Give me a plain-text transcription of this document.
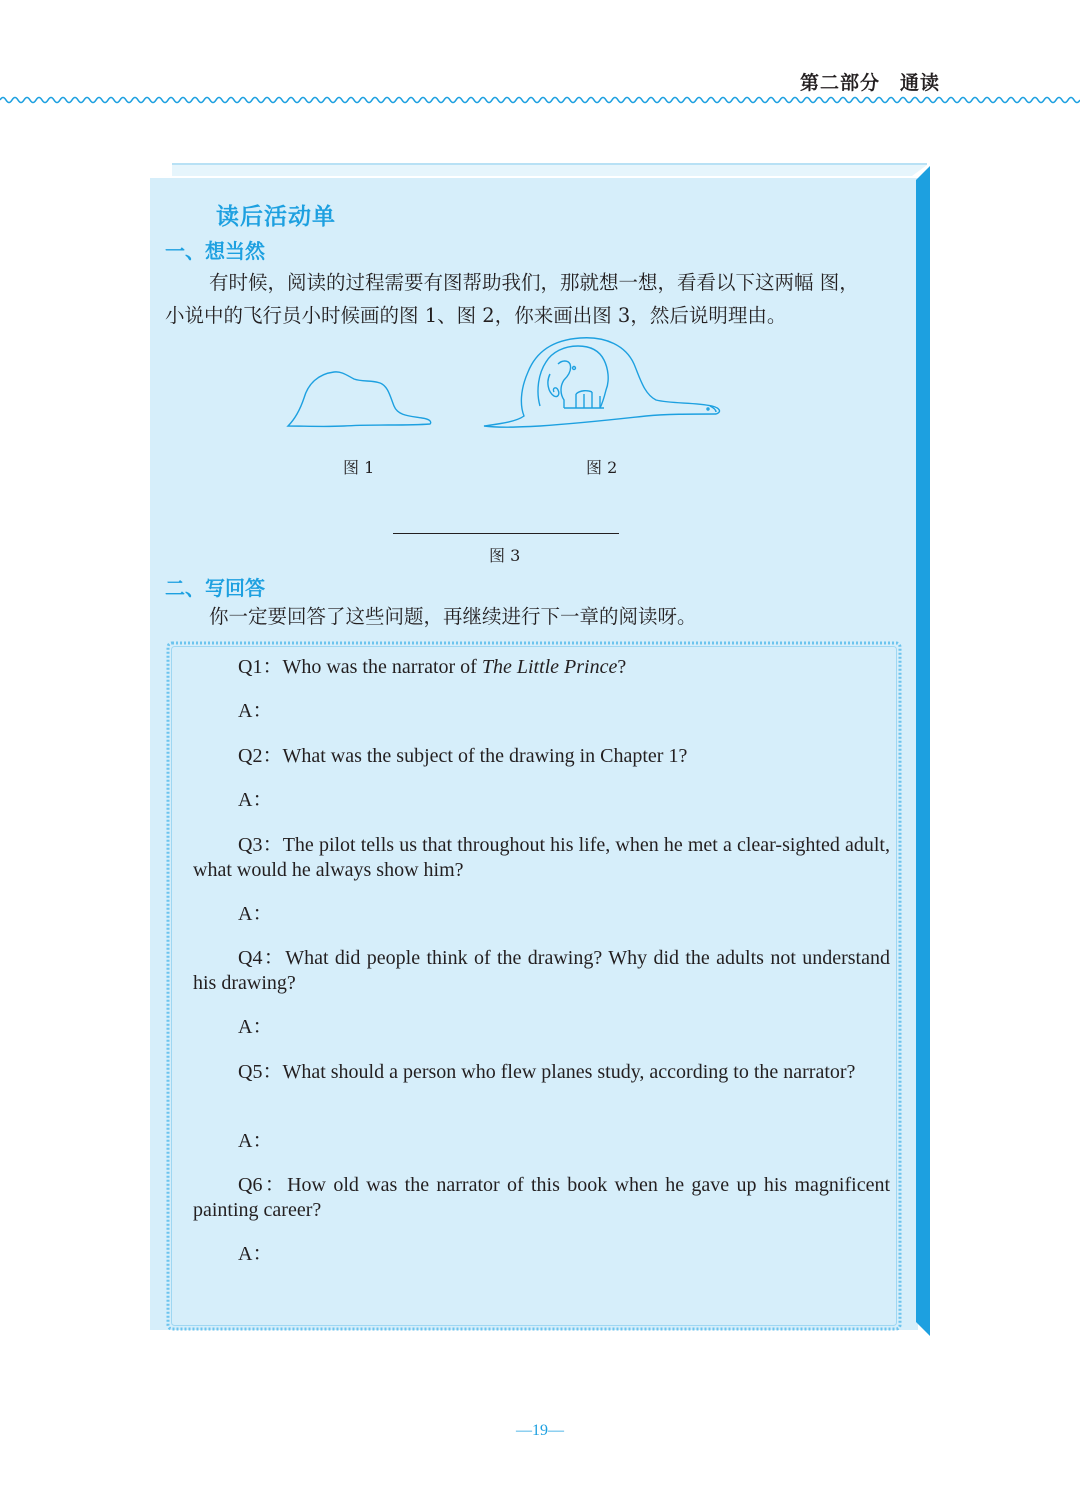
第二部分 通读
读后活动单
一、想当然
有时候，阅读的过程需要有图帮助我们，那就想一想，看看以下这两幅 图，小说中的飞行员小时候画的图 1、图 2，你来画出图 3，然后说明理由。
图 1	图 2
图 3
二、写回答
你一定要回答了这些问题，再继续进行下一章的阅读呀。
Q1：Who was the narrator of The Little Prince?
A：
Q2：What was the subject of the drawing in Chapter 1?
A：
Q3：The pilot tells us that throughout his life, when he met a clear-sighted adult, what would he always show him?
A：
Q4：What did people think of the drawing? Why did the adults not understand his drawing?
A：
Q5：What should a person who flew planes study, according to the narrator?
A：
Q6：How old was the narrator of this book when he gave up his magnificent painting career?
A：
—19—
